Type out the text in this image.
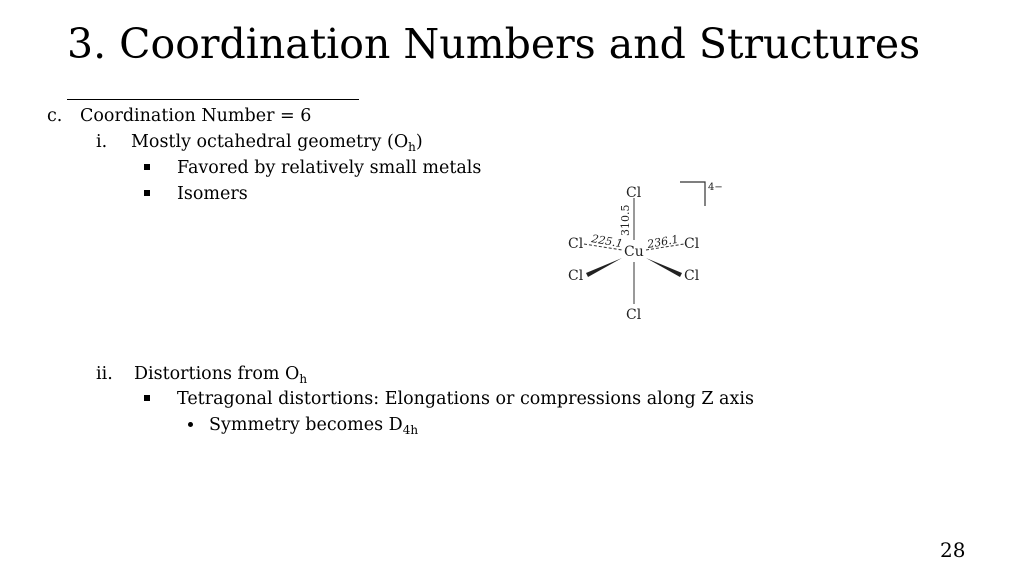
3. Coordination Numbers and Structures
c. Coordination Number = 6
i. Mostly octahedral geometry $(O_h)$
Favored by relatively small metals
Isomers
ii. Distortions from $O_h$
Tetragonal distortions: Elongations or compressions along Z axis
Symmetry becomes $D_{4h}$
4−
Cl
Cu
Cl	Cl
Cl	Cl
Cl
310.5
225.1 236.1
28
